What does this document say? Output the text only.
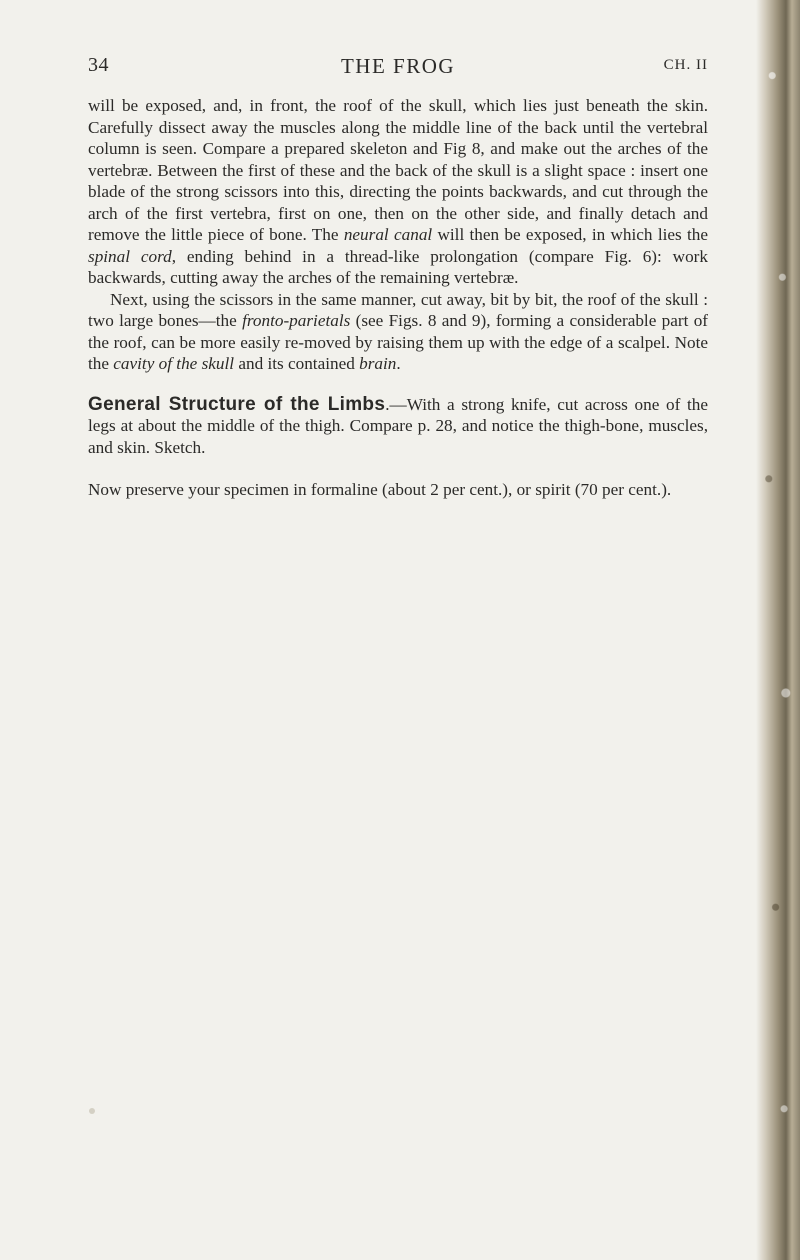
34	THE FROG	CH. II

will be exposed, and, in front, the roof of the skull, which lies just beneath the skin. Carefully dissect away the muscles along the middle line of the back until the vertebral column is seen. Compare a prepared skeleton and Fig 8, and make out the arches of the vertebræ. Between the first of these and the back of the skull is a slight space : insert one blade of the strong scissors into this, directing the points backwards, and cut through the arch of the first vertebra, first on one, then on the other side, and finally detach and remove the little piece of bone. The neural canal will then be exposed, in which lies the spinal cord, ending behind in a thread-like prolongation (compare Fig. 6): work backwards, cutting away the arches of the remaining vertebræ.

Next, using the scissors in the same manner, cut away, bit by bit, the roof of the skull : two large bones—the fronto-parietals (see Figs. 8 and 9), forming a considerable part of the roof, can be more easily re-moved by raising them up with the edge of a scalpel. Note the cavity of the skull and its contained brain.

General Structure of the Limbs.—With a strong knife, cut across one of the legs at about the middle of the thigh. Compare p. 28, and notice the thigh-bone, muscles, and skin. Sketch.

Now preserve your specimen in formaline (about 2 per cent.), or spirit (70 per cent.).
